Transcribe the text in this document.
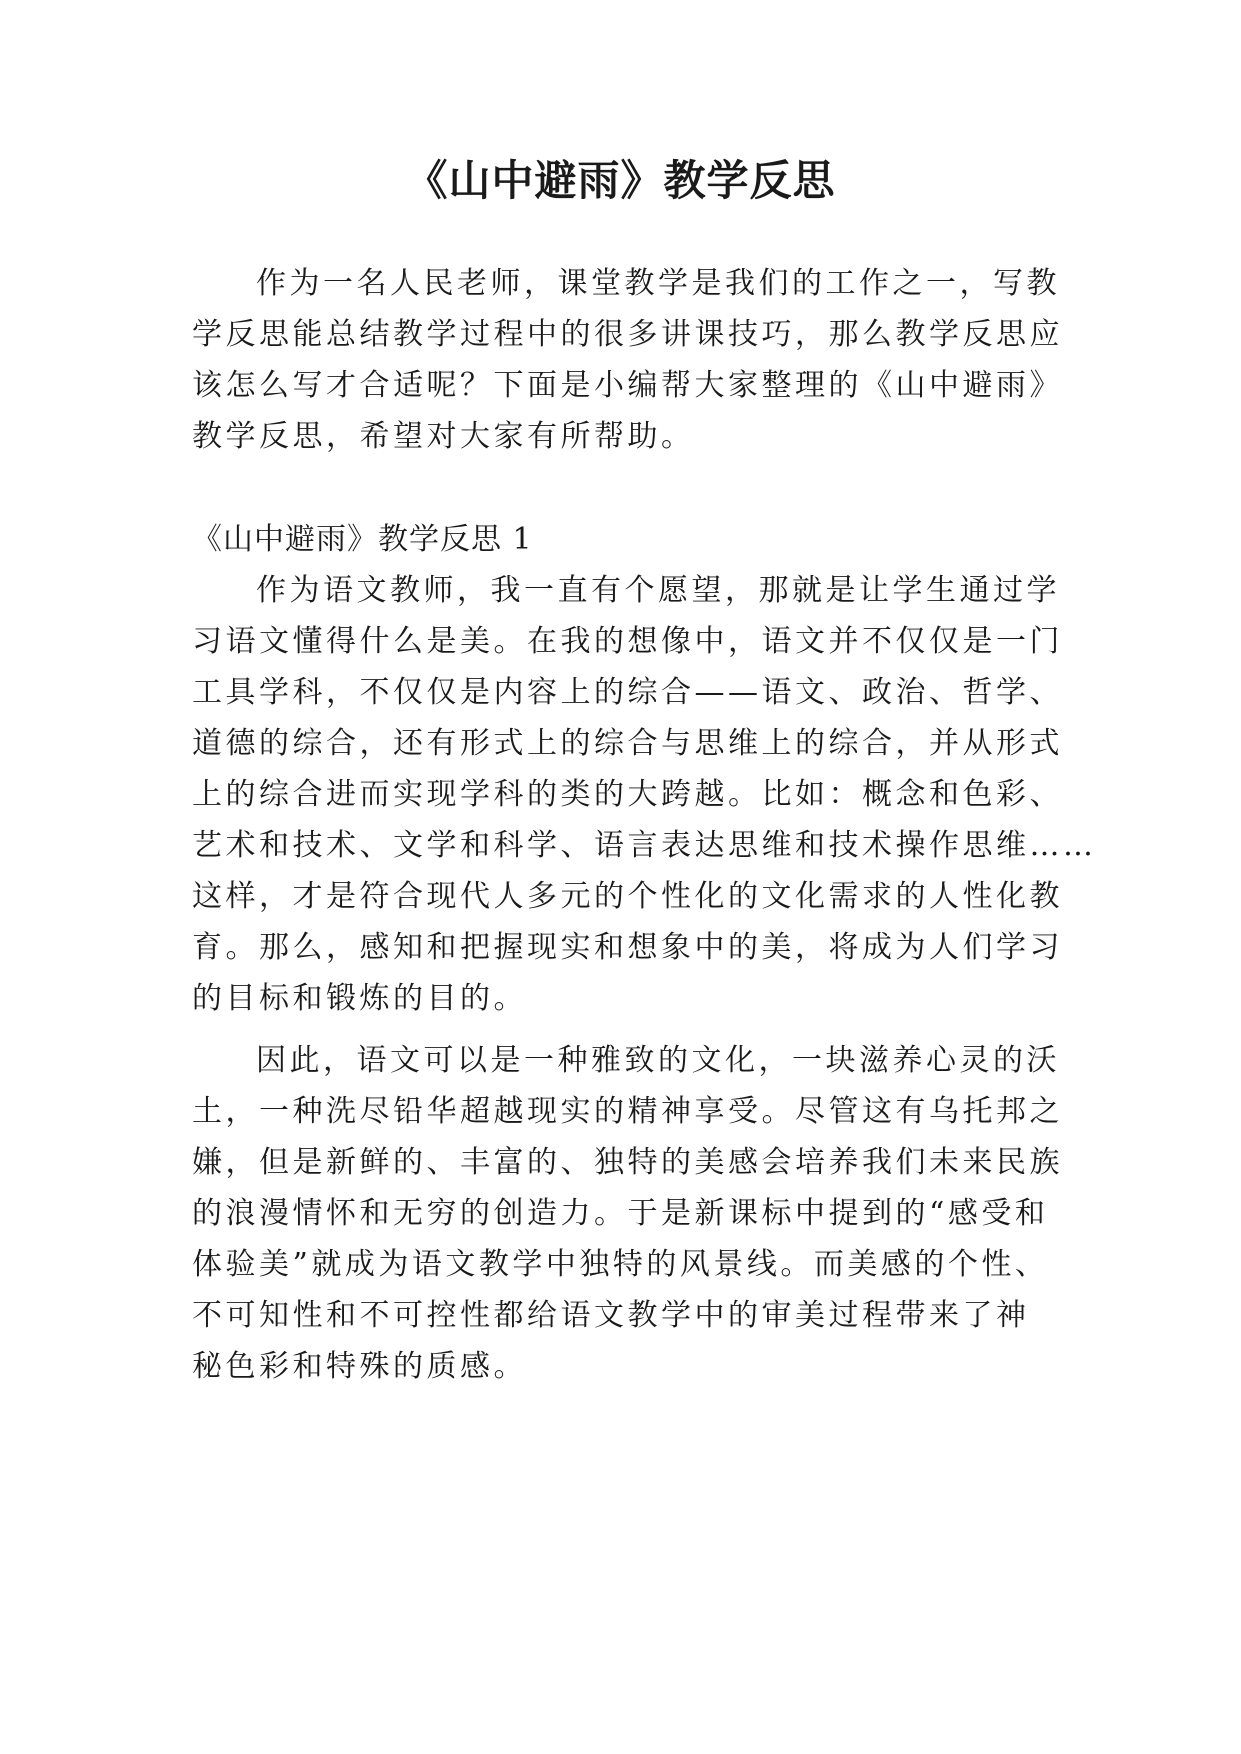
《山中避雨》教学反思

作为一名人民老师，课堂教学是我们的工作之一，写教

学反思能总结教学过程中的很多讲课技巧，那么教学反思应

该怎么写才合适呢？下面是小编帮大家整理的《山中避雨》

教学反思，希望对大家有所帮助。

《山中避雨》教学反思 1

作为语文教师，我一直有个愿望，那就是让学生通过学

习语文懂得什么是美。在我的想像中，语文并不仅仅是一门

工具学科，不仅仅是内容上的综合——语文、政治、哲学、

道德的综合，还有形式上的综合与思维上的综合，并从形式

上的综合进而实现学科的类的大跨越。比如：概念和色彩、

艺术和技术、文学和科学、语言表达思维和技术操作思维……

这样，才是符合现代人多元的个性化的文化需求的人性化教

育。那么，感知和把握现实和想象中的美，将成为人们学习

的目标和锻炼的目的。

因此，语文可以是一种雅致的文化，一块滋养心灵的沃

土，一种洗尽铅华超越现实的精神享受。尽管这有乌托邦之

嫌，但是新鲜的、丰富的、独特的美感会培养我们未来民族

的浪漫情怀和无穷的创造力。于是新课标中提到的“感受和

体验美”就成为语文教学中独特的风景线。而美感的个性、

不可知性和不可控性都给语文教学中的审美过程带来了神

秘色彩和特殊的质感。
